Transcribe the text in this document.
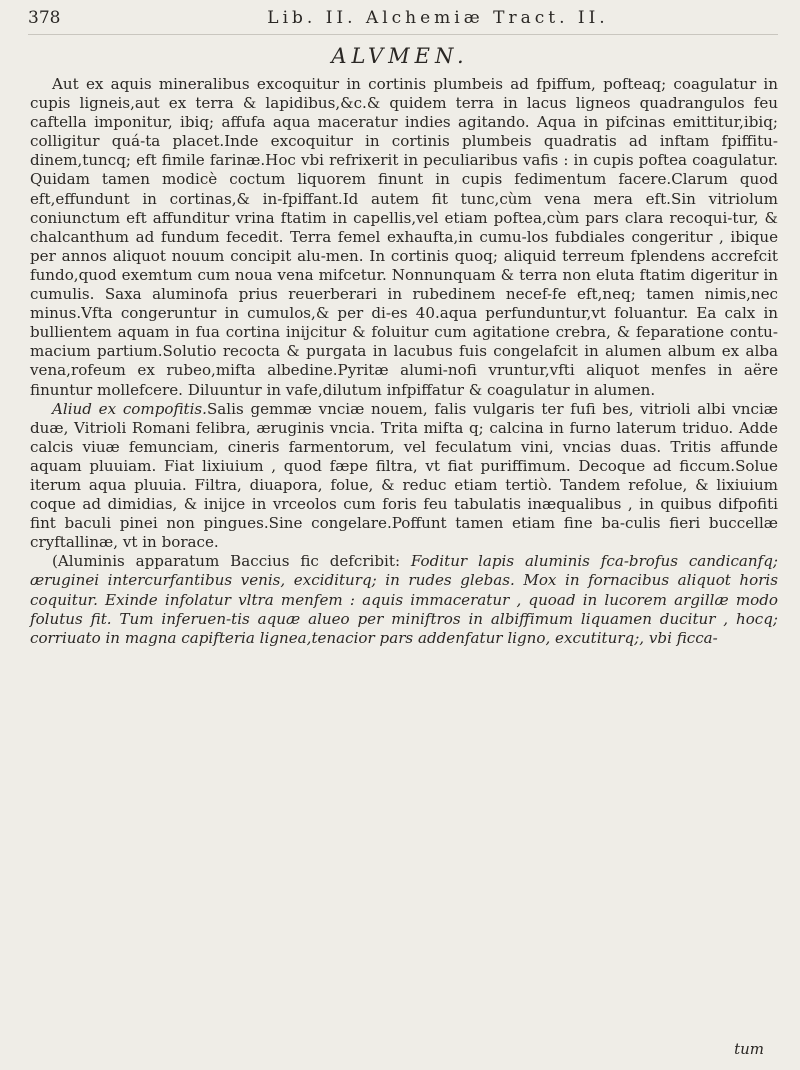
378	Lib. II. Alchemiæ Tract. II.
ALVMEN.

Aut ex aquis mineralibus excoquitur in cortinis plumbeis ad fpiffum, pofteaq; coagulatur in cupis ligneis,aut ex terra & lapidibus,&c.& quidem terra in lacus ligneos quadrangulos feu caftella imponitur, ibiq; affufa aqua maceratur indies agitando. Aqua in pifcinas emittitur,ibiq; colligitur quá-ta placet.Inde excoquitur in cortinis plumbeis quadratis ad inftam fpiffitu-dinem,tuncq; eft fimile farinæ.Hoc vbi refrixerit in peculiaribus vafis : in cupis poftea coagulatur. Quidam tamen modicè coctum liquorem finunt in cupis fedimentum facere.Clarum quod eft,effundunt in cortinas,& in-fpiffant.Id autem fit tunc,cùm vena mera eft.Sin vitriolum coniunctum eft affunditur vrina ftatim in capellis,vel etiam poftea,cùm pars clara recoqui-tur, & chalcanthum ad fundum fecedit. Terra femel exhaufta,in cumu-los fubdiales congeritur , ibique per annos aliquot nouum concipit alu-men. In cortinis quoq; aliquid terreum fplendens accrefcit fundo,quod exemtum cum noua vena mifcetur. Nonnunquam & terra non eluta ftatim digeritur in cumulis. Saxa aluminofa prius reuerberari in rubedinem necef-fe eft,neq; tamen nimis,nec minus.Vfta congeruntur in cumulos,& per di-es 40.aqua perfunduntur,vt foluantur. Ea calx in bullientem aquam in fua cortina inijcitur & foluitur cum agitatione crebra, & feparatione contu-macium partium.Solutio recocta & purgata in lacubus fuis congelafcit in alumen album ex alba vena,rofeum ex rubeo,mifta albedine.Pyritæ alumi-nofi vruntur,vfti aliquot menfes in aëre finuntur mollefcere. Diluuntur in vafe,dilutum infpiffatur & coagulatur in alumen.

Aliud ex compofitis.Salis gemmæ vnciæ nouem, falis vulgaris ter fufi bes, vitrioli albi vnciæ duæ, Vitrioli Romani felibra, æruginis vncia. Trita mifta q; calcina in furno laterum triduo. Adde calcis viuæ femunciam, cineris farmentorum, vel feculatum vini, vncias duas. Tritis affunde aquam pluuiam. Fiat lixiuium , quod fæpe filtra, vt fiat puriffimum. Decoque ad ficcum.Solue iterum aqua pluuia. Filtra, diuapora, folue, & reduc etiam tertiò. Tandem refolue, & lixiuium coque ad dimidias, & inijce in vrceolos cum foris feu tabulatis inæqualibus , in quibus difpofiti fint baculi pinei non pingues.Sine congelare.Poffunt tamen etiam fine ba-culis fieri buccellæ cryftallinæ, vt in borace.

(Aluminis apparatum Baccius fic defcribit: Foditur lapis aluminis fca-brofus candicanfq; æruginei intercurfantibus venis, exciditurq; in rudes glebas. Mox in fornacibus aliquot horis coquitur. Exinde infolatur vltra menfem : aquis immaceratur , quoad in lucorem argillæ modo folutus fit. Tum inferuen-tis aquæ alueo per miniftros in albiffimum liquamen ducitur , hocq; corriuato in magna capifteria lignea,tenacior pars addenfatur ligno, excutiturq;, vbi ficca-

tum
